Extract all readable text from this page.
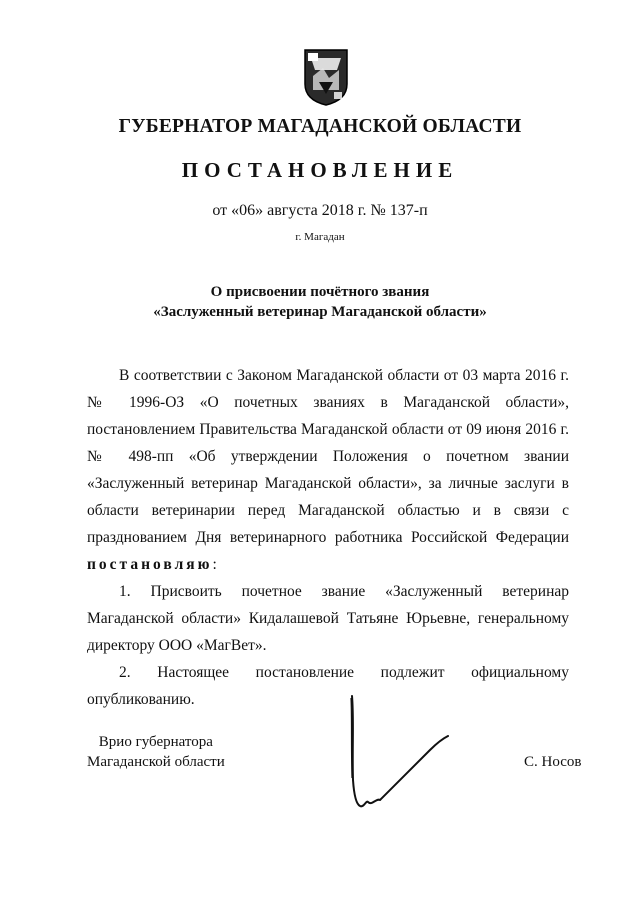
ГУБЕРНАТОР МАГАДАНСКОЙ ОБЛАСТИ
ПОСТАНОВЛЕНИЕ
от «06» августа 2018 г. № 137-п
г. Магадан
О присвоении почётного звания
«Заслуженный ветеринар Магаданской области»

В соответствии с Законом Магаданской области от 03 марта 2016 г. № 1996-ОЗ «О почетных званиях в Магаданской области», постановлением Правительства Магаданской области от 09 июня 2016 г. № 498-пп «Об утверждении Положения о почетном звании «Заслуженный ветеринар Магаданской области», за личные заслуги в области ветеринарии перед Магаданской областью и в связи с празднованием Дня ветеринарного работника Российской Федерации постановляю:

1. Присвоить почетное звание «Заслуженный ветеринар Магаданской области» Кидалашевой Татьяне Юрьевне, генеральному директору ООО «МагВет».

2. Настоящее постановление подлежит официальному опубликованию.

Врио губернатора
Магаданской области	С. Носов
